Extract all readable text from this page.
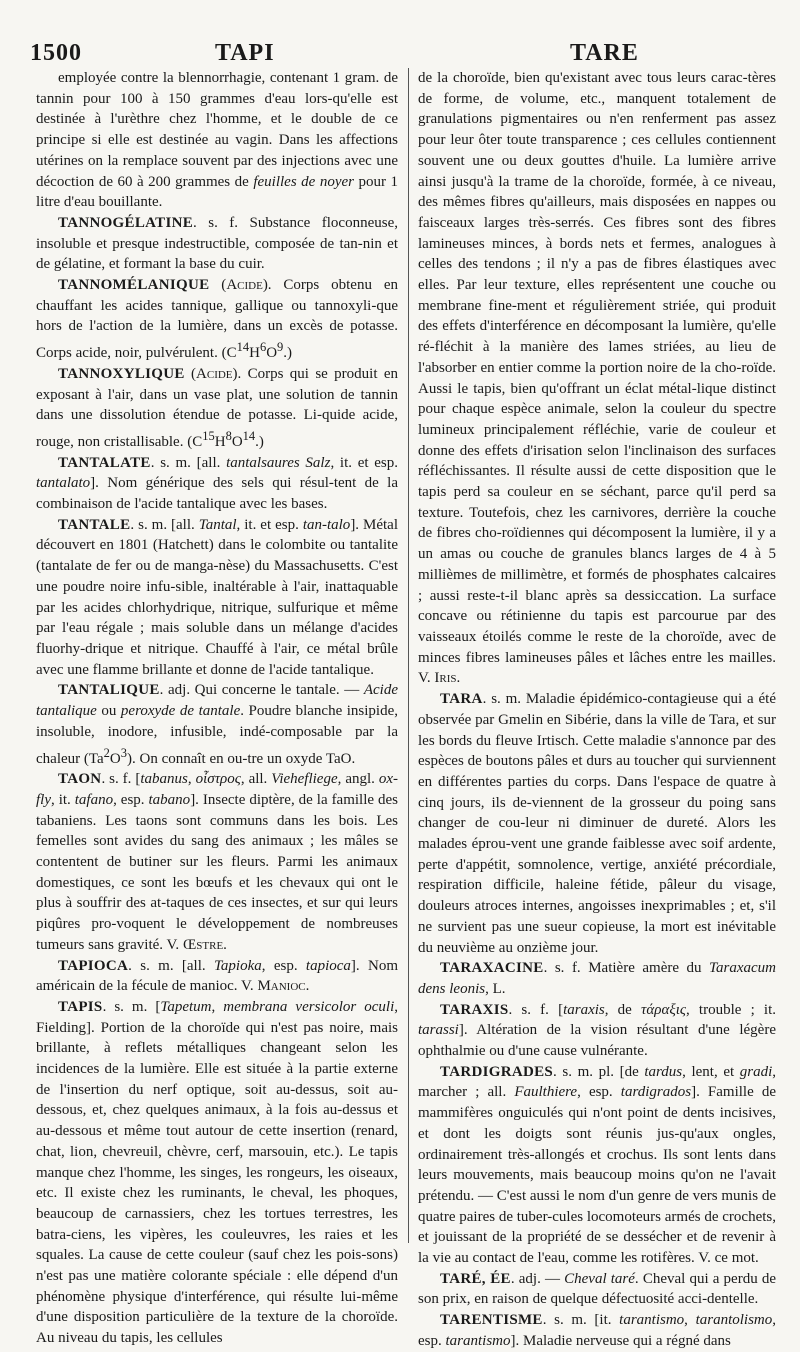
1500	TAPI	TARE

employée contre la blennorrhagie, contenant 1 gram. de tannin pour 100 à 150 grammes d'eau lors-qu'elle est destinée à l'urèthre chez l'homme, et le double de ce principe si elle est destinée au vagin. Dans les affections utérines on la remplace souvent par des injections avec une décoction de 60 à 200 grammes de feuilles de noyer pour 1 litre d'eau bouillante.

TANNOGÉLATINE. s. f. Substance floconneuse, insoluble et presque indestructible, composée de tan-nin et de gélatine, et formant la base du cuir.

TANNOMÉLANIQUE (Acide). Corps obtenu en chauffant les acides tannique, gallique ou tannoxyli-que hors de l'action de la lumière, dans un excès de potasse. Corps acide, noir, pulvérulent. $(C^{14}H^6O^9.)$

TANNOXYLIQUE (Acide). Corps qui se produit en exposant à l'air, dans un vase plat, une solution de tannin dans une dissolution étendue de potasse. Li-quide acide, rouge, non cristallisable. $(C^{15}H^8O^{14}.)$

TANTALATE. s. m. [all. tantalsaures Salz, it. et esp. tantalato]. Nom générique des sels qui résul-tent de la combinaison de l'acide tantalique avec les bases.

TANTALE. s. m. [all. Tantal, it. et esp. tan-talo]. Métal découvert en 1801 (Hatchett) dans le colombite ou tantalite (tantalate de fer ou de manga-nèse) du Massachusetts. C'est une poudre noire infu-sible, inaltérable à l'air, inattaquable par les acides chlorhydrique, nitrique, sulfurique et même par l'eau régale ; mais soluble dans un mélange d'acides fluorhy-drique et nitrique. Chauffé à l'air, ce métal brûle avec une flamme brillante et donne de l'acide tantalique.

TANTALIQUE. adj. Qui concerne le tantale. — Acide tantalique ou peroxyde de tantale. Poudre blanche insipide, insoluble, inodore, infusible, indé-composable par la chaleur $(Ta^2O^3)$. On connaît en ou-tre un oxyde TaO.

TAON. s. f. [tabanus, οἶστρος, all. Viehefliege, angl. ox-fly, it. tafano, esp. tabano]. Insecte diptère, de la famille des tabaniens. Les taons sont communs dans les bois. Les femelles sont avides du sang des animaux ; les mâles se contentent de butiner sur les fleurs. Parmi les animaux domestiques, ce sont les bœufs et les chevaux qui ont le plus à souffrir des at-taques de ces insectes, et sur qui leurs piqûres pro-voquent le développement de nombreuses tumeurs sans gravité. V. Œstre.

TAPIOCA. s. m. [all. Tapioka, esp. tapioca]. Nom américain de la fécule de manioc. V. Manioc.

TAPIS. s. m. [Tapetum, membrana versicolor oculi, Fielding]. Portion de la choroïde qui n'est pas noire, mais brillante, à reflets métalliques changeant selon les incidences de la lumière. Elle est située à la partie externe de l'insertion du nerf optique, soit au-dessus, soit au-dessous, et, chez quelques animaux, à la fois au-dessus et au-dessous et même tout autour de cette insertion (renard, chat, lion, chevreuil, chèvre, cerf, marsouin, etc.). Le tapis manque chez l'homme, les singes, les rongeurs, les oiseaux, etc. Il existe chez les ruminants, le cheval, les phoques, beaucoup de carnassiers, chez les tortues terrestres, les batra-ciens, les vipères, les couleuvres, les raies et les squales. La cause de cette couleur (sauf chez les pois-sons) n'est pas une matière colorante spéciale : elle dépend d'un phénomène physique d'interférence, qui résulte lui-même d'une disposition particulière de la texture de la choroïde. Au niveau du tapis, les cellules

de la choroïde, bien qu'existant avec tous leurs carac-tères de forme, de volume, etc., manquent totalement de granulations pigmentaires ou n'en renferment pas assez pour leur ôter toute transparence ; ces cellules contiennent souvent une ou deux gouttes d'huile. La lumière arrive ainsi jusqu'à la trame de la choroïde, formée, à ce niveau, des mêmes fibres qu'ailleurs, mais disposées en nappes ou faisceaux larges très-serrés. Ces fibres sont des fibres lamineuses minces, à bords nets et fermes, analogues à celles des tendons ; il n'y a pas de fibres élastiques avec elles. Par leur texture, elles représentent une couche ou membrane fine-ment et régulièrement striée, qui produit des effets d'interférence en décomposant la lumière, qu'elle ré-fléchit à la manière des lames striées, au lieu de l'absorber en entier comme la portion noire de la cho-roïde. Aussi le tapis, bien qu'offrant un éclat métal-lique distinct pour chaque espèce animale, selon la couleur du spectre lumineux principalement réfléchie, varie de couleur et donne des effets d'irisation selon l'inclinaison des surfaces réfléchissantes. Il résulte aussi de cette disposition que le tapis perd sa couleur en se séchant, parce qu'il perd sa texture. Toutefois, chez les carnivores, derrière la couche de fibres cho-roïdiennes qui décomposent la lumière, il y a un amas ou couche de granules blancs larges de 4 à 5 millièmes de millimètre, et formés de phosphates calcaires ; aussi reste-t-il blanc après sa dessiccation. La surface concave ou rétinienne du tapis est parcourue par des vaisseaux étoilés comme le reste de la choroïde, avec de minces fibres lamineuses pâles et lâches entre les mailles. V. Iris.

TARA. s. m. Maladie épidémico-contagieuse qui a été observée par Gmelin en Sibérie, dans la ville de Tara, et sur les bords du fleuve Irtisch. Cette maladie s'annonce par des espèces de boutons pâles et durs au toucher qui surviennent en différentes parties du corps. Dans l'espace de quatre à cinq jours, ils de-viennent de la grosseur du poing sans changer de cou-leur ni diminuer de dureté. Alors les malades éprou-vent une grande faiblesse avec soif ardente, perte d'appétit, somnolence, vertige, anxiété précordiale, respiration difficile, haleine fétide, pâleur du visage, douleurs atroces internes, angoisses inexprimables ; et, s'il ne survient pas une sueur copieuse, la mort est inévitable du neuvième au onzième jour.

TARAXACINE. s. f. Matière amère du Taraxacum dens leonis, L.

TARAXIS. s. f. [taraxis, de τάραξις, trouble ; it. tarassi]. Altération de la vision résultant d'une légère ophthalmie ou d'une cause vulnérante.

TARDIGRADES. s. m. pl. [de tardus, lent, et gradi, marcher ; all. Faulthiere, esp. tardigrados]. Famille de mammifères onguiculés qui n'ont point de dents incisives, et dont les doigts sont réunis jus-qu'aux ongles, ordinairement très-allongés et crochus. Ils sont lents dans leurs mouvements, mais beaucoup moins qu'on ne l'avait prétendu. — C'est aussi le nom d'un genre de vers munis de quatre paires de tuber-cules locomoteurs armés de crochets, et jouissant de la propriété de se dessécher et de revenir à la vie au contact de l'eau, comme les rotifères. V. ce mot.

TARÉ, ÉE. adj. — Cheval taré. Cheval qui a perdu de son prix, en raison de quelque défectuosité acci-dentelle.

TARENTISME. s. m. [it. tarantismo, tarantolismo, esp. tarantismo]. Maladie nerveuse qui a régné dans
